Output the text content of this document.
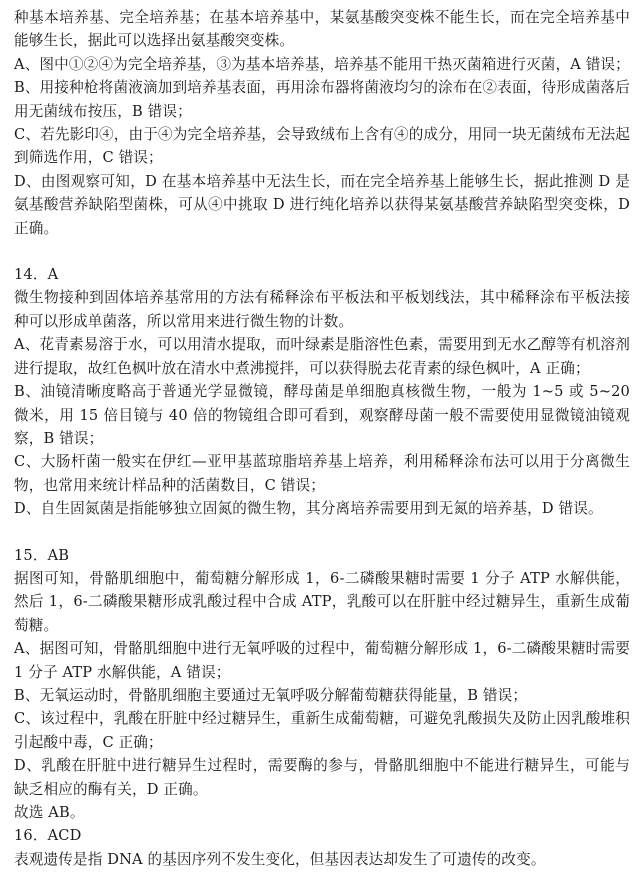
种基本培养基、完全培养基；在基本培养基中，某氨基酸突变株不能生长，而在完全培养基中能够生长，据此可以选择出氨基酸突变株。

A、图中①②④为完全培养基，③为基本培养基，培养基不能用干热灭菌箱进行灭菌，A 错误；

B、用接种枪将菌液滴加到培养基表面，再用涂布器将菌液均匀的涂布在②表面，待形成菌落后用无菌绒布按压，B 错误；

C、若先影印④，由于④为完全培养基，会导致绒布上含有④的成分，用同一块无菌绒布无法起到筛选作用，C 错误；

D、由图观察可知，D 在基本培养基中无法生长，而在完全培养基上能够生长，据此推测 D 是氨基酸营养缺陷型菌株，可从④中挑取 D 进行纯化培养以获得某氨基酸营养缺陷型突变株，D 正确。

14．A

微生物接种到固体培养基常用的方法有稀释涂布平板法和平板划线法，其中稀释涂布平板法接种可以形成单菌落，所以常用来进行微生物的计数。

A、花青素易溶于水，可以用清水提取，而叶绿素是脂溶性色素，需要用到无水乙醇等有机溶剂进行提取，故红色枫叶放在清水中煮沸搅拌，可以获得脱去花青素的绿色枫叶，A 正确；

B、油镜清晰度略高于普通光学显微镜，酵母菌是单细胞真核微生物，一般为 1~5 或 5~20 微米，用 15 倍目镜与 40 倍的物镜组合即可看到，观察酵母菌一般不需要使用显微镜油镜观察，B 错误；

C、大肠杆菌一般实在伊红—亚甲基蓝琼脂培养基上培养，利用稀释涂布法可以用于分离微生物，也常用来统计样品种的活菌数目，C 错误；

D、自生固氮菌是指能够独立固氮的微生物，其分离培养需要用到无氮的培养基，D 错误。

15．AB

据图可知，骨骼肌细胞中，葡萄糖分解形成 1，6-二磷酸果糖时需要 1 分子 ATP 水解供能，然后 1，6-二磷酸果糖形成乳酸过程中合成 ATP，乳酸可以在肝脏中经过糖异生，重新生成葡萄糖。

A、据图可知，骨骼肌细胞中进行无氧呼吸的过程中，葡萄糖分解形成 1，6-二磷酸果糖时需要 1 分子 ATP 水解供能，A 错误；

B、无氧运动时，骨骼肌细胞主要通过无氧呼吸分解葡萄糖获得能量，B 错误；

C、该过程中，乳酸在肝脏中经过糖异生，重新生成葡萄糖，可避免乳酸损失及防止因乳酸堆积引起酸中毒，C 正确；

D、乳酸在肝脏中进行糖异生过程时，需要酶的参与，骨骼肌细胞中不能进行糖异生，可能与缺乏相应的酶有关，D 正确。

故选 AB。

16．ACD

表观遗传是指 DNA 的基因序列不发生变化，但基因表达却发生了可遗传的改变。
